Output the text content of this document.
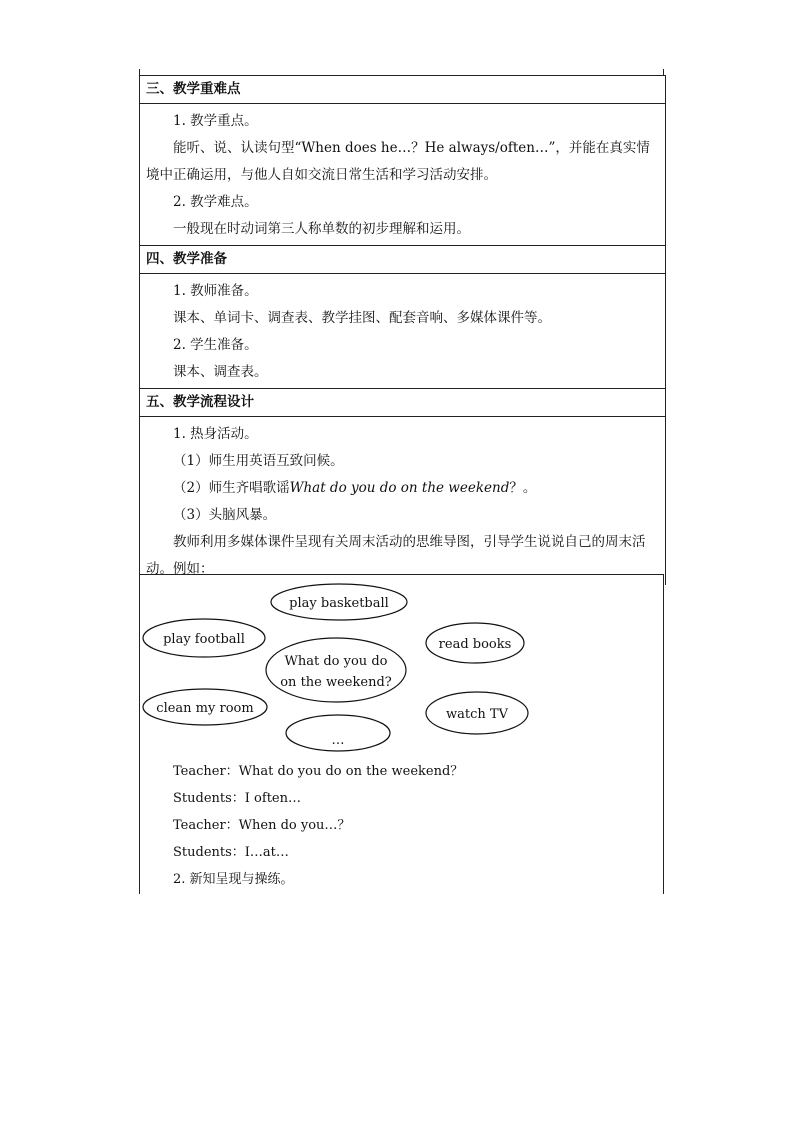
三、教学重难点

1. 教学重点。

能听、说、认读句型“When does he…？He always/often…”，并能在真实情境中正确运用，与他人自如交流日常生活和学习活动安排。

2. 教学难点。

一般现在时动词第三人称单数的初步理解和运用。

四、教学准备

1. 教师准备。

课本、单词卡、调查表、教学挂图、配套音响、多媒体课件等。

2. 学生准备。

课本、调查表。

五、教学流程设计

1. 热身活动。

（1）师生用英语互致问候。

（2）师生齐唱歌谣What do you do on the weekend？。

（3）头脑风暴。

教师利用多媒体课件呈现有关周末活动的思维导图，引导学生说说自己的周末活动。例如：

play basketball
play football
What do you do
on the weekend?
read books
clean my room	watch TV
…

Teacher：What do you do on the weekend？

Students：I often…

Teacher：When do you…？

Students：I…at…

2. 新知呈现与操练。
